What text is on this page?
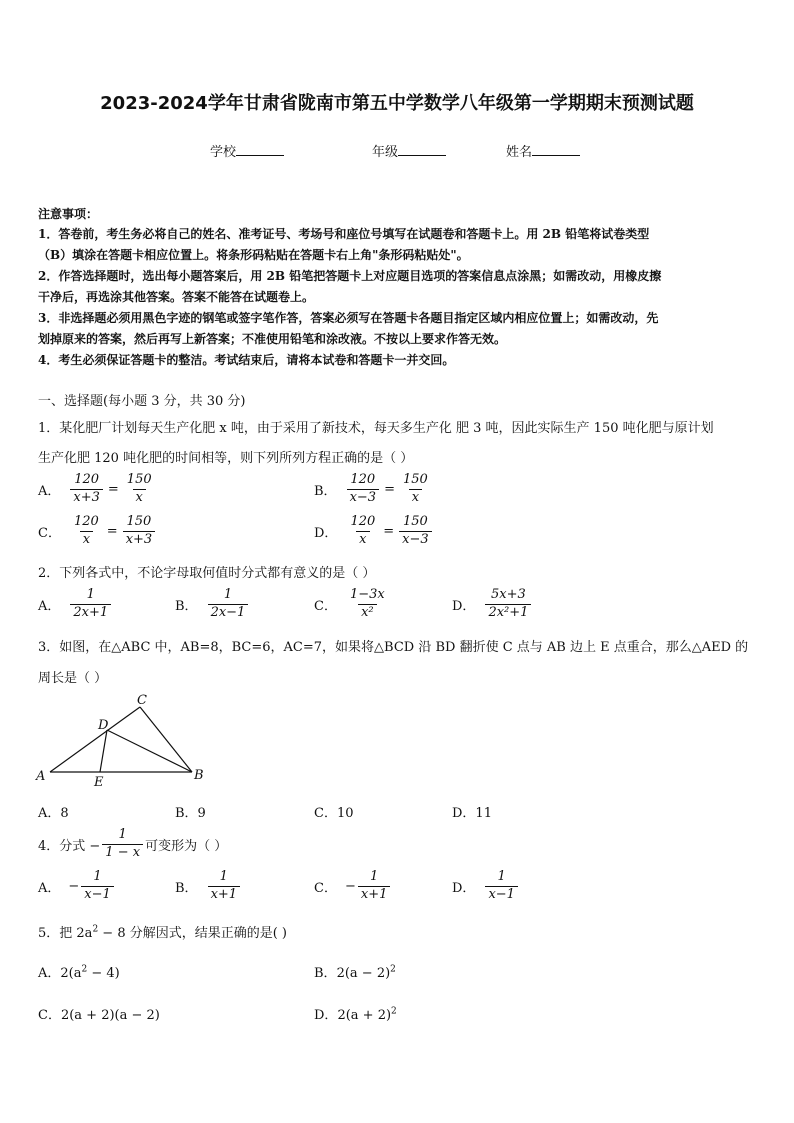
2023-2024学年甘肃省陇南市第五中学数学八年级第一学期期末预测试题
学校	年级	姓名
注意事项：
1．答卷前，考生务必将自己的姓名、准考证号、考场号和座位号填写在试题卷和答题卡上。用 2B 铅笔将试卷类型
（B）填涂在答题卡相应位置上。将条形码粘贴在答题卡右上角"条形码粘贴处"。
2．作答选择题时，选出每小题答案后，用 2B 铅笔把答题卡上对应题目选项的答案信息点涂黑；如需改动，用橡皮擦
干净后，再选涂其他答案。答案不能答在试题卷上。
3．非选择题必须用黑色字迹的钢笔或签字笔作答，答案必须写在答题卡各题目指定区域内相应位置上；如需改动，先
划掉原来的答案，然后再写上新答案；不准使用铅笔和涂改液。不按以上要求作答无效。
4．考生必须保证答题卡的整洁。考试结束后，请将本试卷和答题卡一并交回。
一、选择题(每小题 3 分，共 30 分)
1．某化肥厂计划每天生产化肥 x 吨，由于采用了新技术，每天多生产化 肥 3 吨，因此实际生产 150 吨化肥与原计划
生产化肥 120 吨化肥的时间相等，则下列所列方程正确的是（ ）
A． $\frac{120}{x+3} = \frac{150}{x}$	B． $\frac{120}{x-3} = \frac{150}{x}$
C． $\frac{120}{x} = \frac{150}{x+3}$	D． $\frac{120}{x} = \frac{150}{x-3}$
2．下列各式中，不论字母取何值时分式都有意义的是（ ）
A． $\frac{1}{2x+1}$	B． $\frac{1}{2x-1}$	C． $\frac{1-3x}{\text{x²}}$	D． $\frac{5x+3}{\text{2x²+1}}$
3．如图，在△ABC 中，AB=8，BC=6，AC=7，如果将△BCD 沿 BD 翻折使 C 点与 AB 边上 E 点重合，那么△AED 的
周长是（ ）
A	B
C
D
E
A．8	B．9	C．10	D．11
4．分式 − $\frac{1}{1 - x}$ 可变形为（ ）
A． − $\frac{1}{x-1}$	B． $\frac{1}{x+1}$	C． − $\frac{1}{x+1}$	D． $\frac{1}{x-1}$
5．把 $2a^2 - 8$ 分解因式，结果正确的是( )
A．$2(a^2 - 4)$	B．$2(a - 2)^2$
C．2(a + 2)(a − 2)	D．$2(a + 2)^2$
